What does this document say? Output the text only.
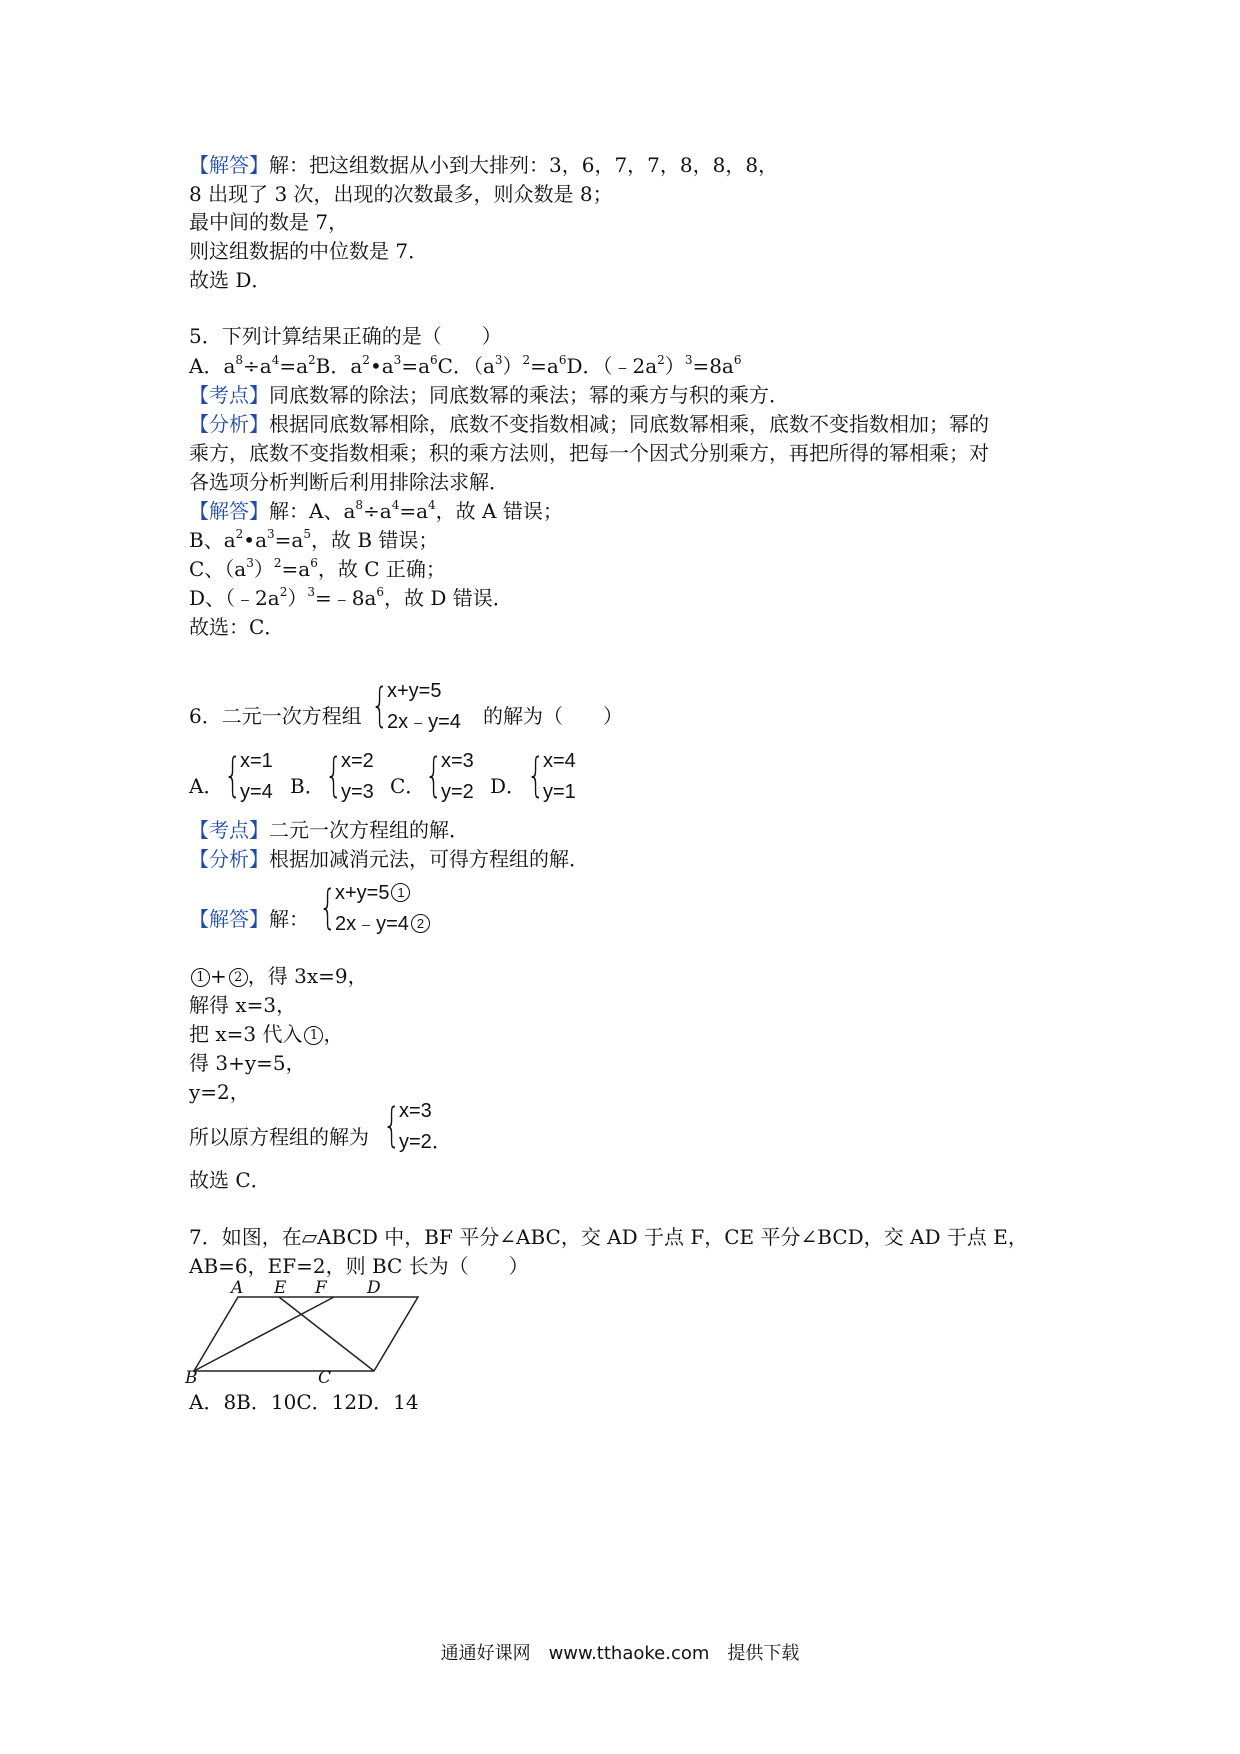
【解答】解：把这组数据从小到大排列：3，6，7，7，8，8，8，
8 出现了 3 次，出现的次数最多，则众数是 8；
最中间的数是 7，
则这组数据的中位数是 7．
故选 D．
5．下列计算结果正确的是（　　）
A．$a^8\div a^4=a^2B$．$a^2•a^3=a^6C$．$(a^3)^2=a^6D$．$(﹣2a^2)^3=8a^6$
【考点】同底数幂的除法；同底数幂的乘法；幂的乘方与积的乘方．
【分析】根据同底数幂相除，底数不变指数相减；同底数幂相乘，底数不变指数相加；幂的
乘方，底数不变指数相乘；积的乘方法则，把每一个因式分别乘方，再把所得的幂相乘；对
各选项分析判断后利用排除法求解．
【解答】解：A、$a^8\div a^4=a^4$，故 A 错误；
B、$a^2•a^3=a^5$，故 B 错误；
C、$(a^3)^2=a^6$，故 C 正确；
D、$(﹣2a^2)^3=﹣8a^6$，故 D 错误．
故选：C．
6．二元一次方程组 {
x+y=5
2x﹣y=4 的解为（　　）
A． {
x=1
y=4 B． {
x=2
y=3 C． {
x=3
y=2 D． {
x=4
y=1
【考点】二元一次方程组的解．
【分析】根据加减消元法，可得方程组的解．
【解答】解： {
x+y=5 1
2x﹣y=4 2
1 + 2 ，得 3x=9，
解得 x=3，
把 x=3 代入 1 ，
得 3+y=5，
y=2，
所以原方程组的解为 {
x=3
y=2．
故选 C．
7．如图，在▱ABCD 中，BF 平分∠ABC，交 AD 于点 F，CE 平分∠BCD，交 AD 于点 E，
AB=6，EF=2，则 BC 长为（　　）
A E F D
B	C
A．8B．10C．12D．14
通通好课网　www.tthaoke.com　提供下载
